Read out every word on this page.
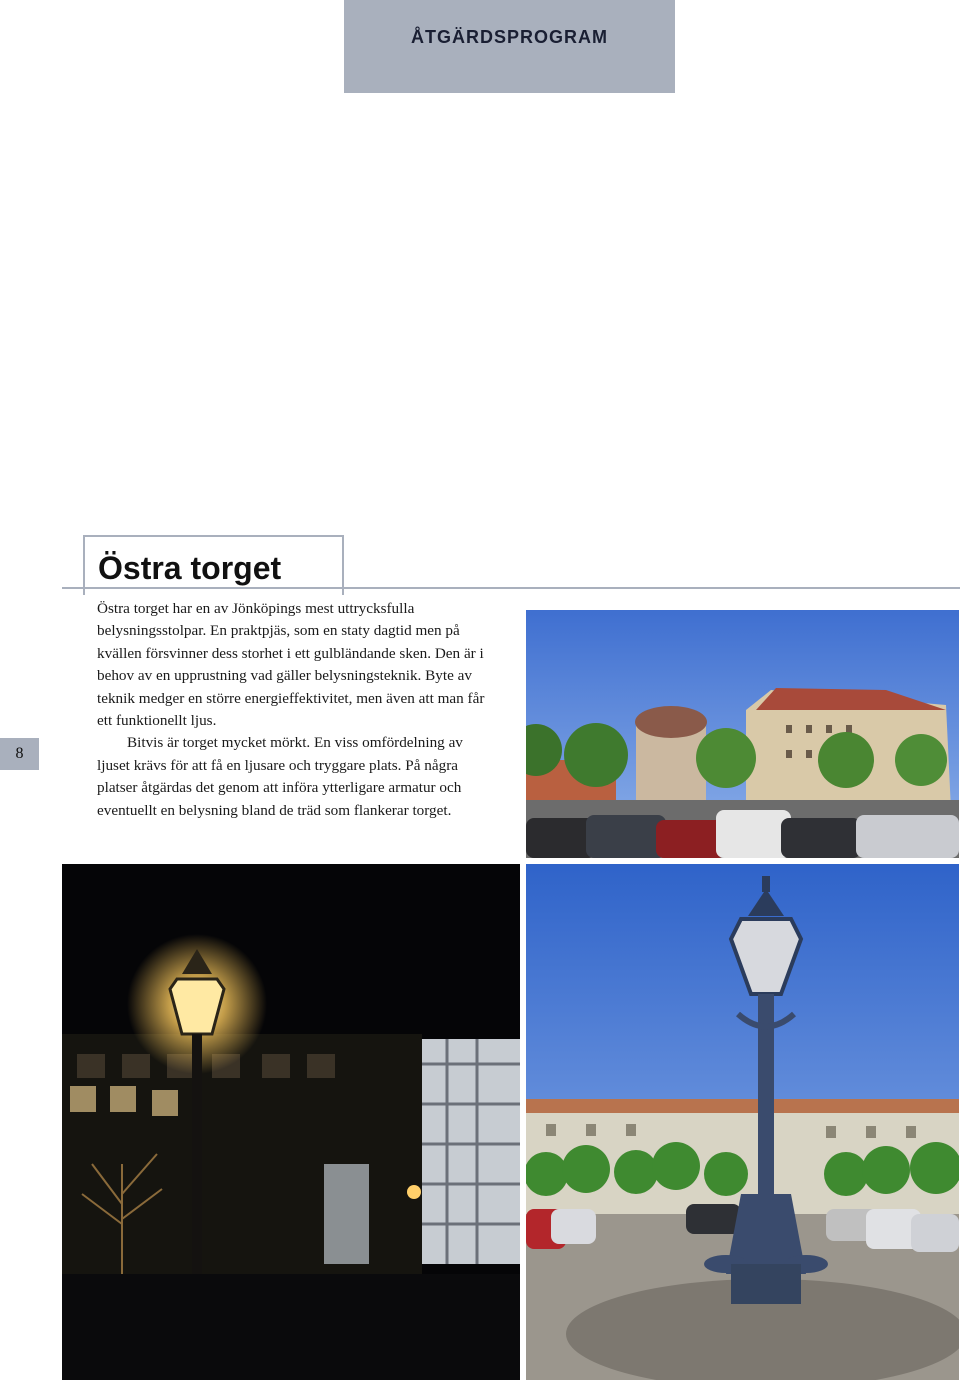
ÅTGÄRDSPROGRAM
Östra torget
8

Östra torget har en av Jönköpings mest uttrycksfulla belysningsstolpar. En praktpjäs, som en staty dagtid men på kvällen försvinner dess storhet i ett gulbländande sken. Den är i behov av en upprustning vad gäller belysningsteknik. Byte av teknik medger en större energieffektivitet, men även att man får ett funktionellt ljus.

Bitvis är torget mycket mörkt. En viss omfördelning av ljuset krävs för att få en ljusare och tryggare plats. På några platser åtgärdas det genom att införa ytterligare armatur och eventuellt en belysning bland de träd som flankerar torget.
